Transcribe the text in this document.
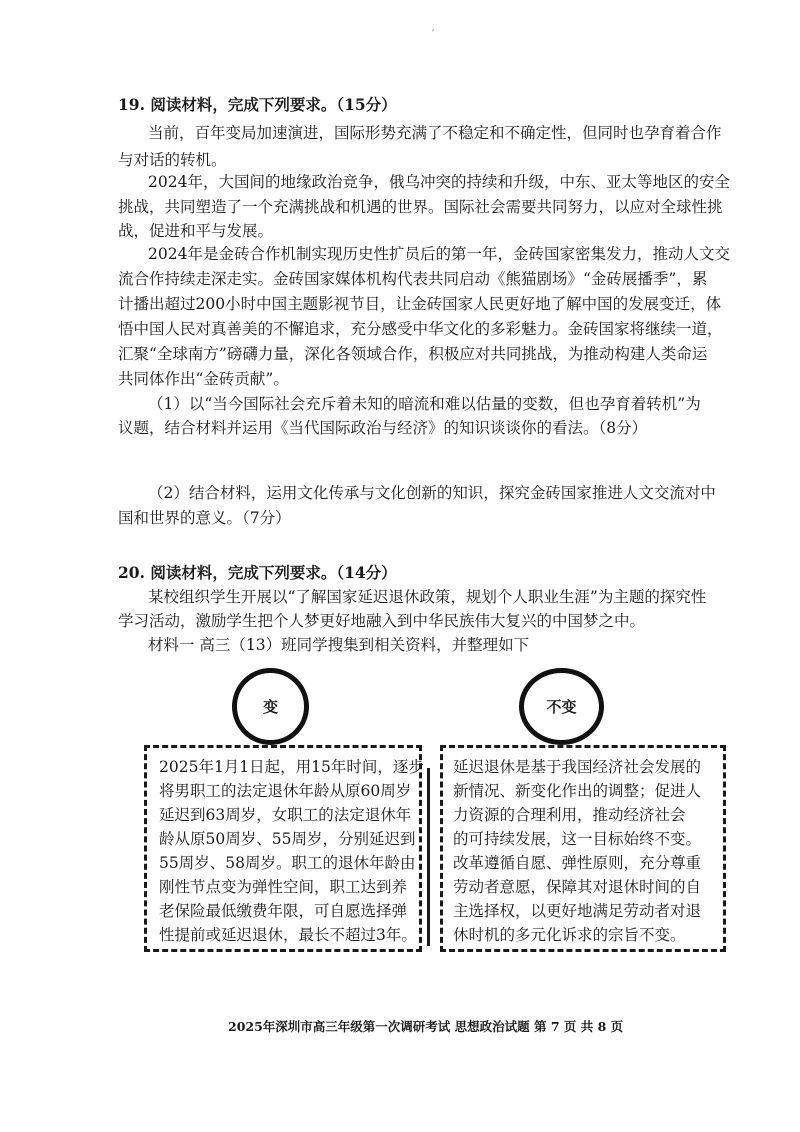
′
19. 阅读材料，完成下列要求。（15分）
当前，百年变局加速演进，国际形势充满了不稳定和不确定性，但同时也孕育着合作
与对话的转机。
2024年，大国间的地缘政治竞争，俄乌冲突的持续和升级，中东、亚太等地区的安全
挑战，共同塑造了一个充满挑战和机遇的世界。国际社会需要共同努力，以应对全球性挑
战，促进和平与发展。
2024年是金砖合作机制实现历史性扩员后的第一年，金砖国家密集发力，推动人文交
流合作持续走深走实。金砖国家媒体机构代表共同启动《熊猫剧场》“金砖展播季”，累
计播出超过200小时中国主题影视节目，让金砖国家人民更好地了解中国的发展变迁，体
悟中国人民对真善美的不懈追求，充分感受中华文化的多彩魅力。金砖国家将继续一道，
汇聚“全球南方”磅礴力量，深化各领域合作，积极应对共同挑战，为推动构建人类命运
共同体作出“金砖贡献”。
（1）以“当今国际社会充斥着未知的暗流和难以估量的变数，但也孕育着转机”为
议题，结合材料并运用《当代国际政治与经济》的知识谈谈你的看法。（8分）
（2）结合材料，运用文化传承与文化创新的知识，探究金砖国家推进人文交流对中
国和世界的意义。（7分）
20. 阅读材料，完成下列要求。（14分）
某校组织学生开展以“了解国家延迟退休政策，规划个人职业生涯”为主题的探究性
学习活动，激励学生把个人梦更好地融入到中华民族伟大复兴的中国梦之中。
材料一 高三（13）班同学搜集到相关资料，并整理如下
变	不变
2025年1月1日起，用15年时间，逐步
将男职工的法定退休年龄从原60周岁
延迟到63周岁，女职工的法定退休年
龄从原50周岁、55周岁，分别延迟到
55周岁、58周岁。职工的退休年龄由
刚性节点变为弹性空间，职工达到养
老保险最低缴费年限，可自愿选择弹
性提前或延迟退休，最长不超过3年。
延迟退休是基于我国经济社会发展的
新情况、新变化作出的调整；促进人
力资源的合理利用，推动经济社会
的可持续发展，这一目标始终不变。
改革遵循自愿、弹性原则，充分尊重
劳动者意愿，保障其对退休时间的自
主选择权，以更好地满足劳动者对退
休时机的多元化诉求的宗旨不变。
2025年深圳市高三年级第一次调研考试 思想政治试题 第 7 页 共 8 页
